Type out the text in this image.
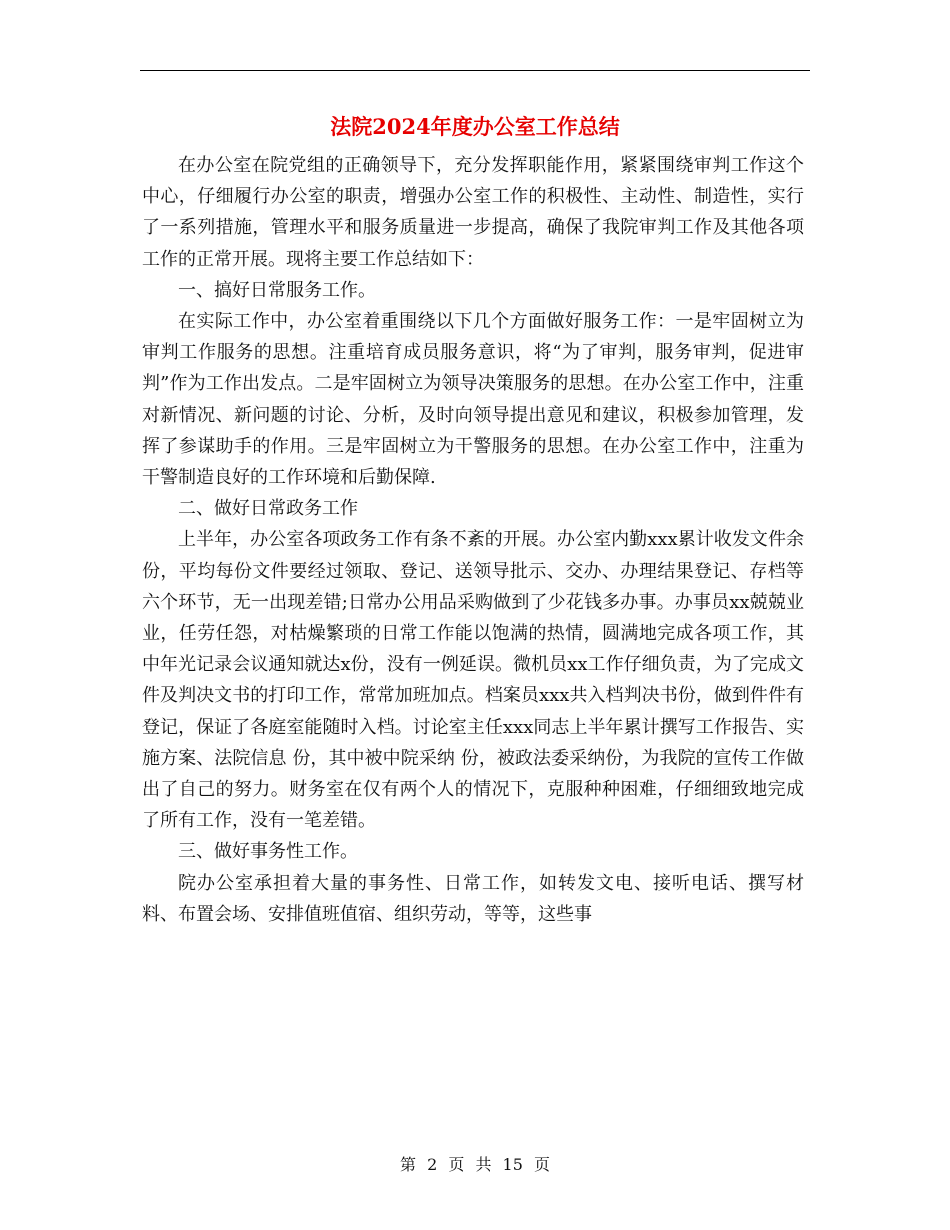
法院2024年度办公室工作总结

在办公室在院党组的正确领导下，充分发挥职能作用，紧紧围绕审判工作这个中心，仔细履行办公室的职责，增强办公室工作的积极性、主动性、制造性，实行了一系列措施，管理水平和服务质量进一步提高，确保了我院审判工作及其他各项工作的正常开展。现将主要工作总结如下：

一、搞好日常服务工作。

在实际工作中，办公室着重围绕以下几个方面做好服务工作：一是牢固树立为审判工作服务的思想。注重培育成员服务意识，将“为了审判，服务审判，促进审判”作为工作出发点。二是牢固树立为领导决策服务的思想。在办公室工作中，注重对新情况、新问题的讨论、分析，及时向领导提出意见和建议，积极参加管理，发挥了参谋助手的作用。三是牢固树立为干警服务的思想。在办公室工作中，注重为干警制造良好的工作环境和后勤保障.

二、做好日常政务工作

上半年，办公室各项政务工作有条不紊的开展。办公室内勤xxx累计收发文件余份，平均每份文件要经过领取、登记、送领导批示、交办、办理结果登记、存档等六个环节，无一出现差错;日常办公用品采购做到了少花钱多办事。办事员xx兢兢业业，任劳任怨，对枯燥繁琐的日常工作能以饱满的热情，圆满地完成各项工作，其中年光记录会议通知就达x份，没有一例延误。微机员xx工作仔细负责，为了完成文件及判决文书的打印工作，常常加班加点。档案员xxx共入档判决书份，做到件件有登记，保证了各庭室能随时入档。讨论室主任xxx同志上半年累计撰写工作报告、实施方案、法院信息 份，其中被中院采纳 份，被政法委采纳份，为我院的宣传工作做出了自己的努力。财务室在仅有两个人的情况下，克服种种困难，仔细细致地完成了所有工作，没有一笔差错。

三、做好事务性工作。

院办公室承担着大量的事务性、日常工作，如转发文电、接听电话、撰写材料、布置会场、安排值班值宿、组织劳动，等等，这些事

第 2 页 共 15 页
